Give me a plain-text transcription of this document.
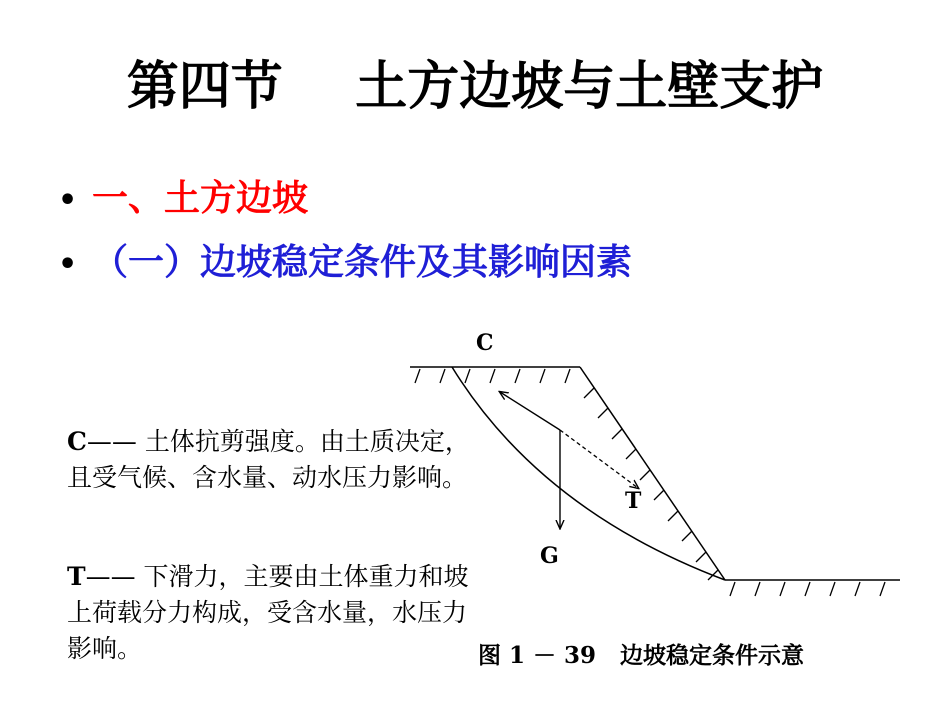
第四节    土方边坡与土壁支护
• 一、土方边坡
• （一）边坡稳定条件及其影响因素
C—— 土体抗剪强度。由土质决定，且受气候、含水量、动水压力影响。
T—— 下滑力，主要由土体重力和坡上荷载分力构成，受含水量，水压力影响。
C
T
G
图 1 － 39   边坡稳定条件示意
